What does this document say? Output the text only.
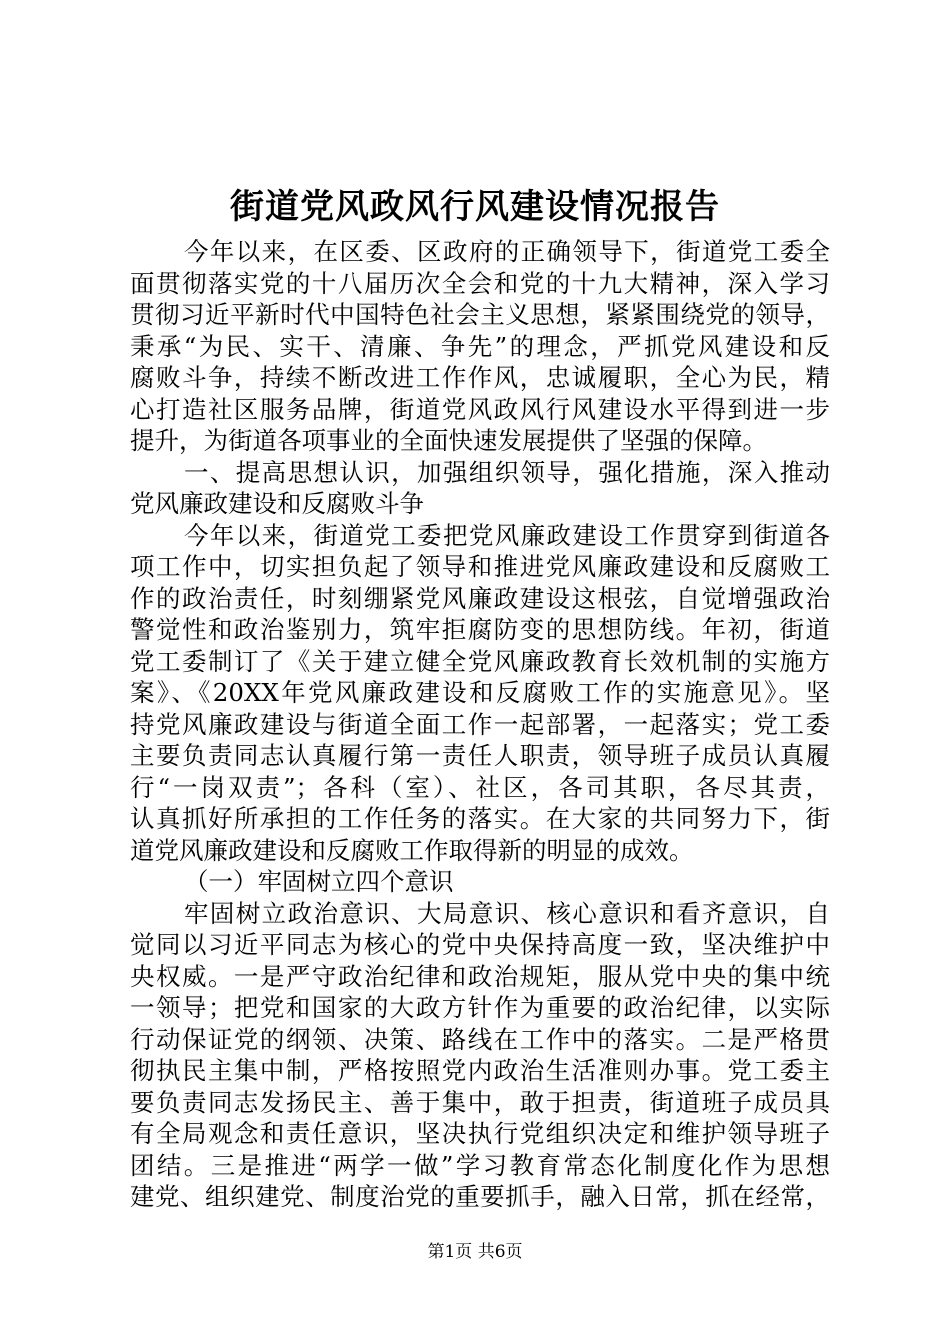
街道党风政风行风建设情况报告
今年以来，在区委、区政府的正确领导下，街道党工委全
面贯彻落实党的十八届历次全会和党的十九大精神，深入学习
贯彻习近平新时代中国特色社会主义思想，紧紧围绕党的领导，
秉承“为民、实干、清廉、争先”的理念，严抓党风建设和反
腐败斗争，持续不断改进工作作风，忠诚履职，全心为民，精
心打造社区服务品牌，街道党风政风行风建设水平得到进一步
提升，为街道各项事业的全面快速发展提供了坚强的保障。
一、提高思想认识，加强组织领导，强化措施，深入推动
党风廉政建设和反腐败斗争
今年以来，街道党工委把党风廉政建设工作贯穿到街道各
项工作中，切实担负起了领导和推进党风廉政建设和反腐败工
作的政治责任，时刻绷紧党风廉政建设这根弦，自觉增强政治
警觉性和政治鉴别力，筑牢拒腐防变的思想防线。年初，街道
党工委制订了《关于建立健全党风廉政教育长效机制的实施方
案》、《20XX年党风廉政建设和反腐败工作的实施意见》。坚
持党风廉政建设与街道全面工作一起部署，一起落实；党工委
主要负责同志认真履行第一责任人职责，领导班子成员认真履
行“一岗双责”；各科（室）、社区，各司其职，各尽其责，
认真抓好所承担的工作任务的落实。在大家的共同努力下，街
道党风廉政建设和反腐败工作取得新的明显的成效。
（一）牢固树立四个意识
牢固树立政治意识、大局意识、核心意识和看齐意识，自
觉同以习近平同志为核心的党中央保持高度一致，坚决维护中
央权威。一是严守政治纪律和政治规矩，服从党中央的集中统
一领导；把党和国家的大政方针作为重要的政治纪律，以实际
行动保证党的纲领、决策、路线在工作中的落实。二是严格贯
彻执民主集中制，严格按照党内政治生活准则办事。党工委主
要负责同志发扬民主、善于集中，敢于担责，街道班子成员具
有全局观念和责任意识，坚决执行党组织决定和维护领导班子
团结。三是推进“两学一做”学习教育常态化制度化作为思想
建党、组织建党、制度治党的重要抓手，融入日常，抓在经常，
第1页 共6页
